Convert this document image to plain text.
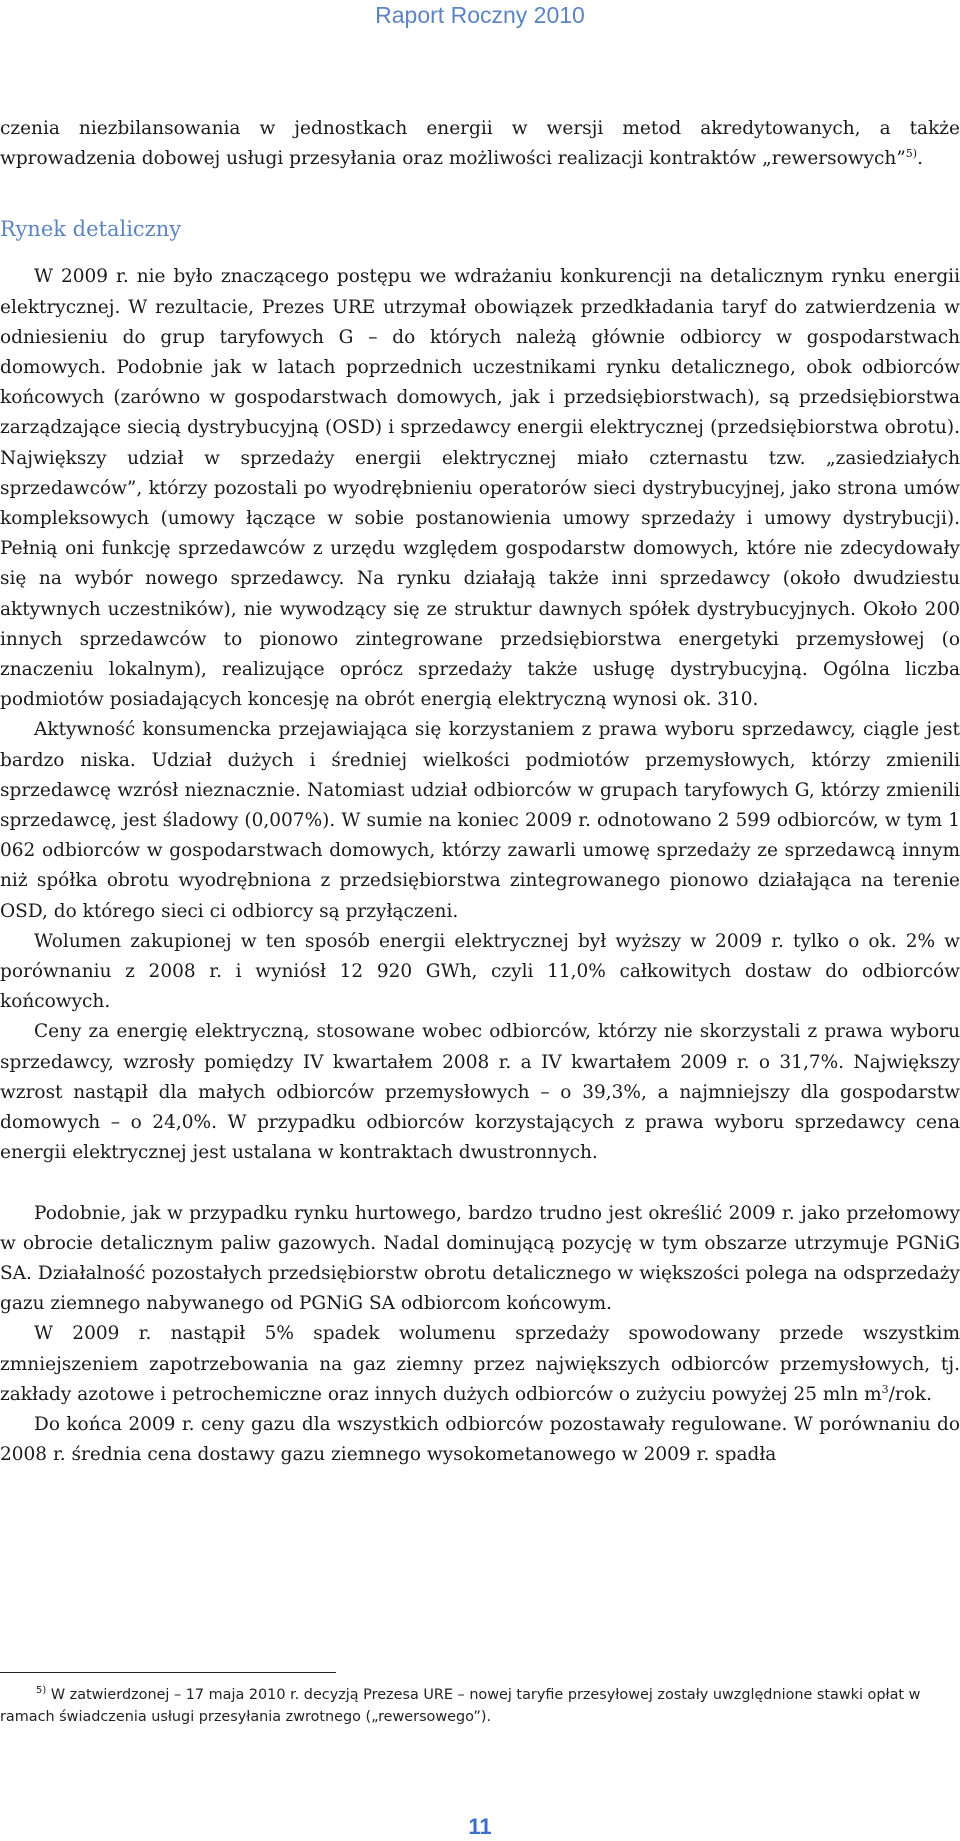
Raport Roczny 2010

czenia niezbilansowania w jednostkach energii w wersji metod akredytowanych, a także wprowadzenia dobowej usługi przesyłania oraz możliwości realizacji kontraktów „rewersowych”$^{5)}$.

Rynek detaliczny

W 2009 r. nie było znaczącego postępu we wdrażaniu konkurencji na detalicznym rynku energii elektrycznej. W rezultacie, Prezes URE utrzymał obowiązek przedkładania taryf do zatwierdzenia w odniesieniu do grup taryfowych G – do których należą głównie odbiorcy w gospodarstwach domowych. Podobnie jak w latach poprzednich uczestnikami rynku detalicznego, obok odbiorców końcowych (zarówno w gospodarstwach domowych, jak i przedsiębiorstwach), są przedsiębiorstwa zarządzające siecią dystrybucyjną (OSD) i sprzedawcy energii elektrycznej (przedsiębiorstwa obrotu). Największy udział w sprzedaży energii elektrycznej miało czternastu tzw. „zasiedziałych sprzedawców”, którzy pozostali po wyodrębnieniu operatorów sieci dystrybucyjnej, jako strona umów kompleksowych (umowy łączące w sobie postanowienia umowy sprzedaży i umowy dystrybucji). Pełnią oni funkcję sprzedawców z urzędu względem gospodarstw domowych, które nie zdecydowały się na wybór nowego sprzedawcy. Na rynku działają także inni sprzedawcy (około dwudziestu aktywnych uczestników), nie wywodzący się ze struktur dawnych spółek dystrybucyjnych. Około 200 innych sprzedawców to pionowo zintegrowane przedsiębiorstwa energetyki przemysłowej (o znaczeniu lokalnym), realizujące oprócz sprzedaży także usługę dystrybucyjną. Ogólna liczba podmiotów posiadających koncesję na obrót energią elektryczną wynosi ok. 310.

Aktywność konsumencka przejawiająca się korzystaniem z prawa wyboru sprzedawcy, ciągle jest bardzo niska. Udział dużych i średniej wielkości podmiotów przemysłowych, którzy zmienili sprzedawcę wzrósł nieznacznie. Natomiast udział odbiorców w grupach taryfowych G, którzy zmienili sprzedawcę, jest śladowy (0,007%). W sumie na koniec 2009 r. odnotowano 2 599 odbiorców, w tym 1 062 odbiorców w gospodarstwach domowych, którzy zawarli umowę sprzedaży ze sprzedawcą innym niż spółka obrotu wyodrębniona z przedsiębiorstwa zintegrowanego pionowo działająca na terenie OSD, do którego sieci ci odbiorcy są przyłączeni.

Wolumen zakupionej w ten sposób energii elektrycznej był wyższy w 2009 r. tylko o ok. 2% w porównaniu z 2008 r. i wyniósł 12 920 GWh, czyli 11,0% całkowitych dostaw do odbiorców końcowych.

Ceny za energię elektryczną, stosowane wobec odbiorców, którzy nie skorzystali z prawa wyboru sprzedawcy, wzrosły pomiędzy IV kwartałem 2008 r. a IV kwartałem 2009 r. o 31,7%. Największy wzrost nastąpił dla małych odbiorców przemysłowych – o 39,3%, a najmniejszy dla gospodarstw domowych – o 24,0%. W przypadku odbiorców korzystających z prawa wyboru sprzedawcy cena energii elektrycznej jest ustalana w kontraktach dwustronnych.

Podobnie, jak w przypadku rynku hurtowego, bardzo trudno jest określić 2009 r. jako przełomowy w obrocie detalicznym paliw gazowych. Nadal dominującą pozycję w tym obszarze utrzymuje PGNiG SA. Działalność pozostałych przedsiębiorstw obrotu detalicznego w większości polega na odsprzedaży gazu ziemnego nabywanego od PGNiG SA odbiorcom końcowym.

W 2009 r. nastąpił 5% spadek wolumenu sprzedaży spowodowany przede wszystkim zmniejszeniem zapotrzebowania na gaz ziemny przez największych odbiorców przemysłowych, tj. zakłady azotowe i petrochemiczne oraz innych dużych odbiorców o zużyciu powyżej 25 mln $m^3$/rok.

Do końca 2009 r. ceny gazu dla wszystkich odbiorców pozostawały regulowane. W porównaniu do 2008 r. średnia cena dostawy gazu ziemnego wysokometanowego w 2009 r. spadła

$^{5)}$ W zatwierdzonej – 17 maja 2010 r. decyzją Prezesa URE – nowej taryfie przesyłowej zostały uwzględnione stawki opłat w ramach świadczenia usługi przesyłania zwrotnego („rewersowego”).
11
